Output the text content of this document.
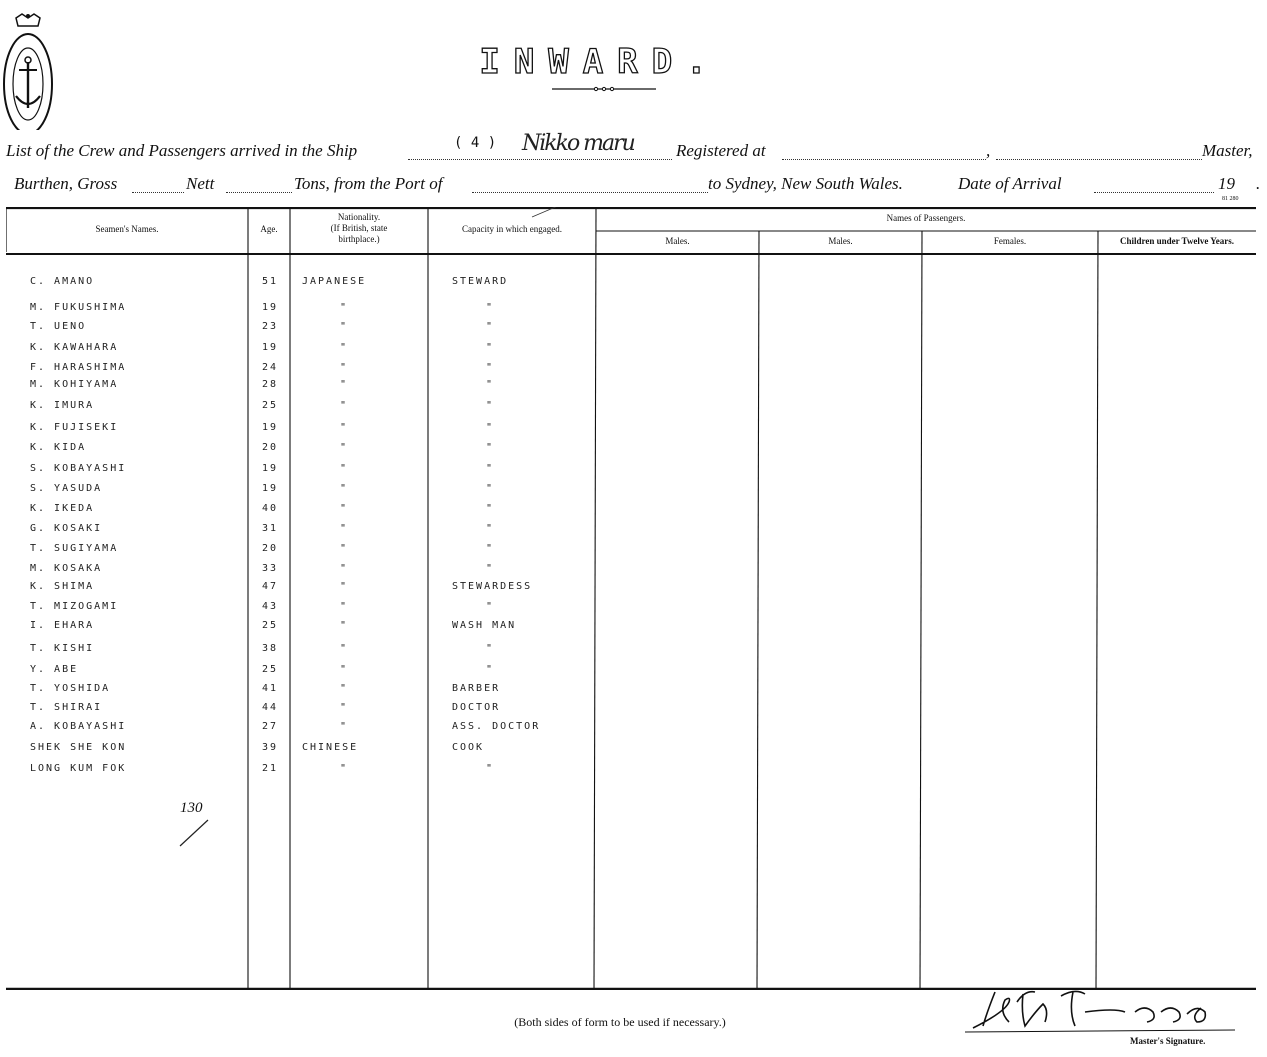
INWARD.
List of the Crew and Passengers arrived in the Ship	( 4 ) Nikko maru Registered at	,	Master,
Burthen, Gross	Nett	Tons, from the Port of	to Sydney, New South Wales.	Date of Arrival	19 .
81 280
Seamen's Names.	Age.
Nationality.
(If British, state
birthplace.)
Capacity in which engaged.
Names of Passengers.
Males.	Males.	Females.	Children under Twelve Years.
C. AMANO	51 JAPANESE	STEWARD
M. FUKUSHIMA	19	"	"
T. UENO	23	"	"
K. KAWAHARA	19	"	"
F. HARASHIMA	24	"	"
M. KOHIYAMA	28	"	"
K. IMURA	25	"	"
K. FUJISEKI	19	"	"
K. KIDA	20	"	"
S. KOBAYASHI	19	"	"
S. YASUDA	19	"	"
K. IKEDA	40	"	"
G. KOSAKI	31	"	"
T. SUGIYAMA	20	"	"
M. KOSAKA	33	"	"
K. SHIMA	47	"	STEWARDESS
T. MIZOGAMI	43	"	"
I. EHARA	25	"	WASH MAN
T. KISHI	38	"	"
Y. ABE	25	"	"
T. YOSHIDA	41	"	BARBER
T. SHIRAI	44	"	DOCTOR
A. KOBAYASHI	27	"	ASS. DOCTOR
SHEK SHE KON	39 CHINESE	COOK
LONG KUM FOK	21	"	"
130
(Both sides of form to be used if necessary.)
Master's Signature.
